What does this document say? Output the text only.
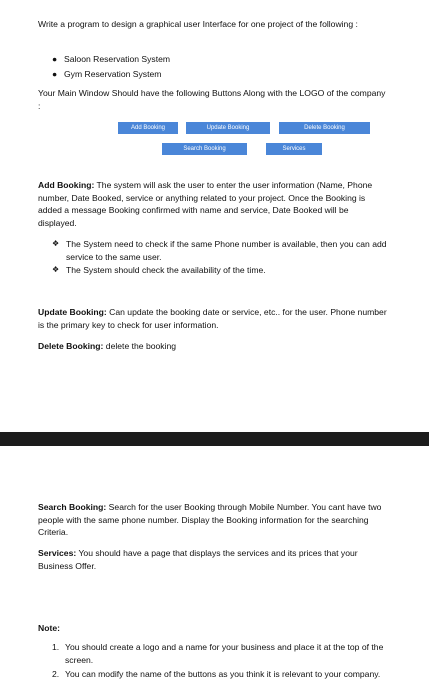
Write a program to design a graphical user Interface for one project of the following :

● Saloon Reservation System
● Gym Reservation System

Your Main Window Should have the following Buttons Along with the LOGO of the company :

Add Booking	Update Booking	Delete Booking
Search Booking	Services

Add Booking: The system will ask the user to enter the user information (Name, Phone number, Date Booked, service or anything related to your project. Once the Booking is added a message Booking confirmed with name and service, Date Booked will be displayed.

❖ The System need to check if the same Phone number is available, then you can add service to the same user.
❖ The System should check the availability of the time.

Update Booking: Can update the booking date or service, etc.. for the user. Phone number is the primary key to check for user information.

Delete Booking: delete the booking

Search Booking: Search for the user Booking through Mobile Number. You cant have two people with the same phone number. Display the Booking information for the searching Criteria.

Services: You should have a page that displays the services and its prices that your Business Offer.

Note:

1. You should create a logo and a name for your business and place it at the top of the screen.
2. You can modify the name of the buttons as you think it is relevant to your company.
